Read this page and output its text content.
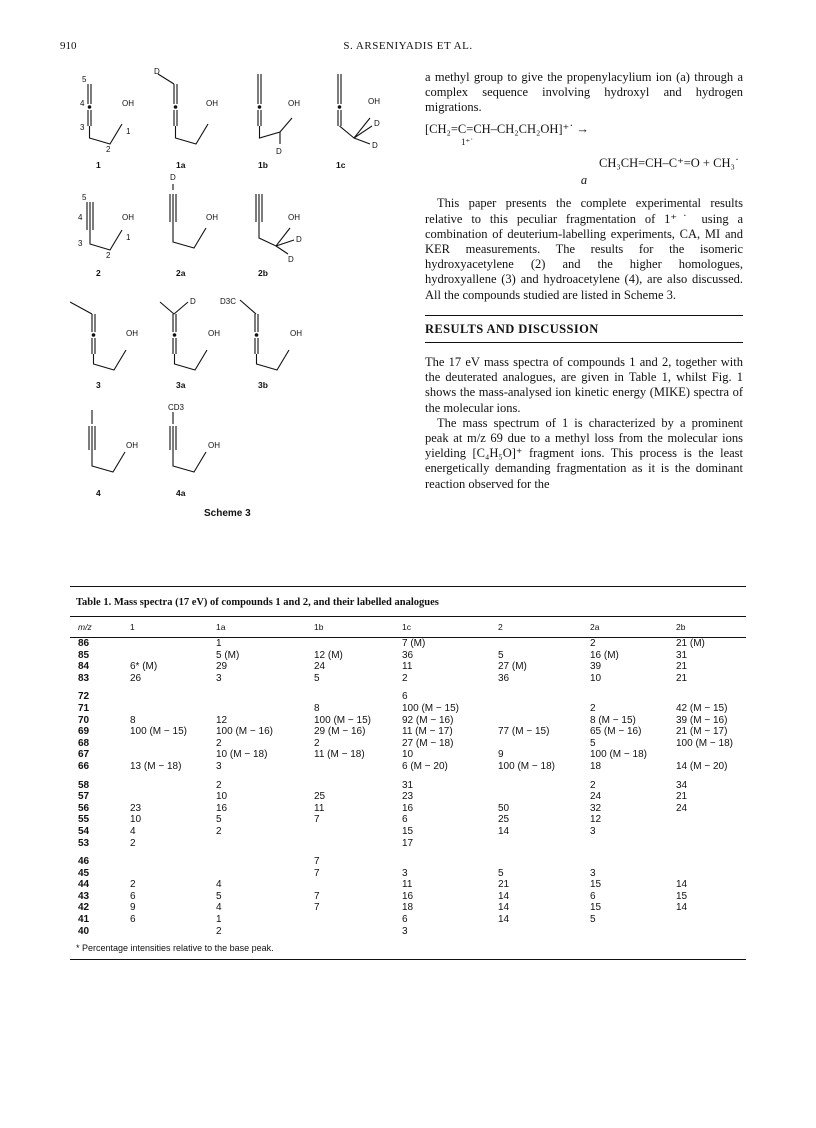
910	S. ARSENIYADIS ET AL.
5
4
3
2
1
OH
D
OH	OH
D
OH
D
D
5
4
3
2
1
OH
D
OH	OH
D
D
OH
D
OH
D3C
OH
OH
CD3
OH
1	1a	1b	1c
2	2a	2b
3	3a	3b
4	4a
Scheme 3

a methyl group to give the propenylacylium ion (a) through a complex sequence involving hydroxyl and hydrogen migrations.

[CH₂=C=CH–CH₂CH₂OH]⁺˙ →
1⁺˙
CH₃CH=CH–C⁺=O + CH₃˙
a

This paper presents the complete experimental results relative to this peculiar fragmentation of 1⁺˙ using a combination of deuterium-labelling experiments, CA, MI and KER measurements. The results for the isomeric hydroxyacetylene (2) and the higher homologues, hydroxyallene (3) and hydroacetylene (4), are also discussed. All the compounds studied are listed in Scheme 3.

RESULTS AND DISCUSSION

The 17 eV mass spectra of compounds 1 and 2, together with the deuterated analogues, are given in Table 1, whilst Fig. 1 shows the mass-analysed ion kinetic energy (MIKE) spectra of the molecular ions.

The mass spectrum of 1 is characterized by a prominent peak at m/z 69 due to a methyl loss from the molecular ions yielding [C₄H₅O]⁺ fragment ions. This process is the least energetically demanding fragmentation as it is the dominant reaction observed for the

Table 1. Mass spectra (17 eV) of compounds 1 and 2, and their labelled analogues
m/z	1	1a	1b	1c	2	2a	2b

86		1		7 (M)		2	21 (M)
85		5 (M)	12 (M)	36	5	16 (M)	31
84	6* (M)	29	24	11	27 (M)	39	21
83	26	3	5	2	36	10	21

72				6			
71			8	100 (M − 15)		2	42 (M − 15)
70	8	12	100 (M − 15)	92 (M − 16)		8 (M − 15)	39 (M − 16)
69	100 (M − 15)	100 (M − 16)	29 (M − 16)	11 (M − 17)	77 (M − 15)	65 (M − 16)	21 (M − 17)
68		2	2	27 (M − 18)		5	100 (M − 18)
67		10 (M − 18)	11 (M − 18)	10	9	100 (M − 18)	
66	13 (M − 18)	3		6 (M − 20)	100 (M − 18)	18	14 (M − 20)

58		2		31		2	34
57		10	25	23		24	21
56	23	16	11	16	50	32	24
55	10	5	7	6	25	12	
54	4	2		15	14	3	
53	2			17			

46			7				
45			7	3	5	3	
44	2	4		11	21	15	14
43	6	5	7	16	14	6	15
42	9	4	7	18	14	15	14
41	6	1		6	14	5	
40		2		3			
* Percentage intensities relative to the base peak.
